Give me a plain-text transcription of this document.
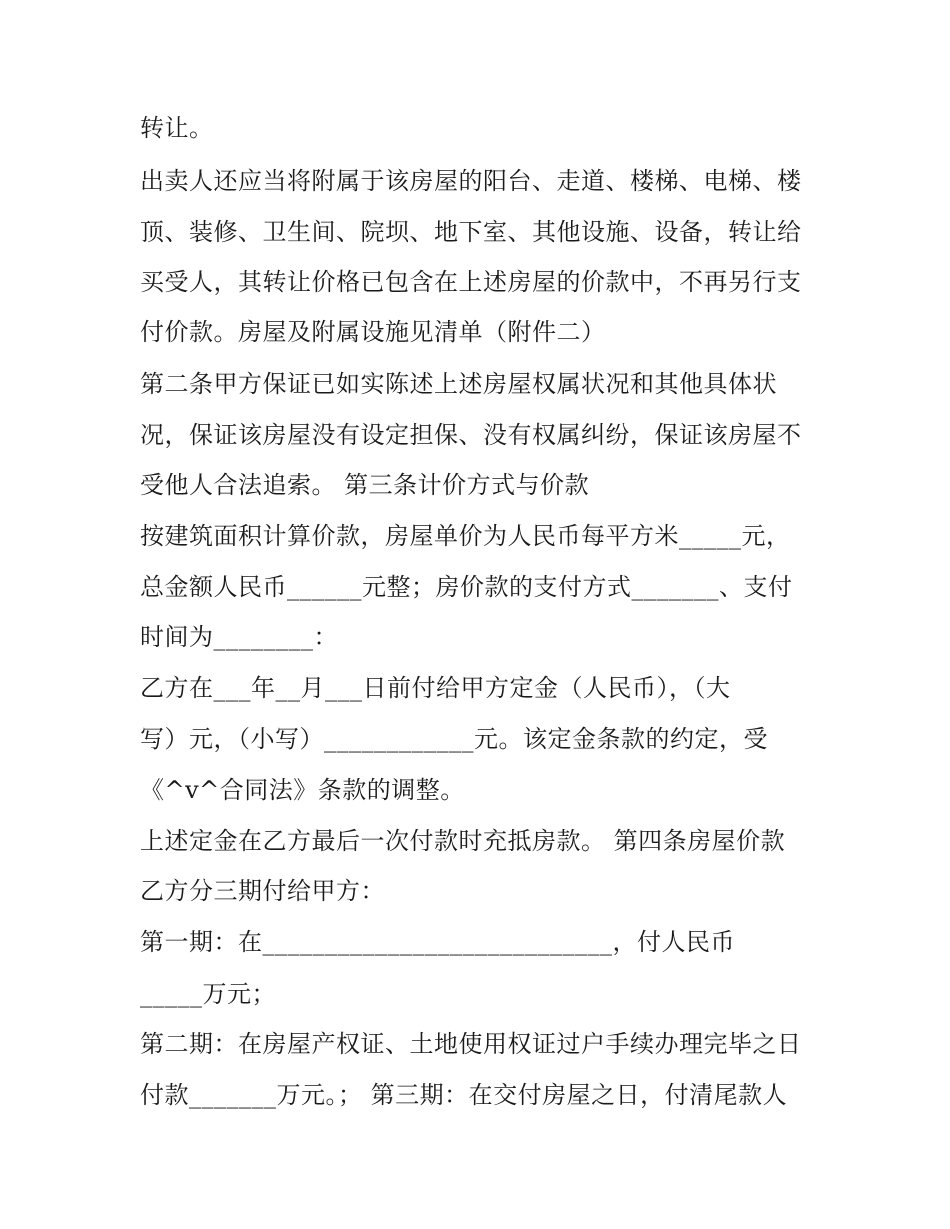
转让。
出卖人还应当将附属于该房屋的阳台、走道、楼梯、电梯、楼
顶、装修、卫生间、院坝、地下室、其他设施、设备，转让给
买受人，其转让价格已包含在上述房屋的价款中，不再另行支
付价款。房屋及附属设施见清单（附件二）
第二条甲方保证已如实陈述上述房屋权属状况和其他具体状
况，保证该房屋没有设定担保、没有权属纠纷，保证该房屋不
受他人合法追索。 第三条计价方式与价款
按建筑面积计算价款，房屋单价为人民币每平方米_____元，
总金额人民币______元整；房价款的支付方式_______、支付
时间为________：
乙方在___年__月___日前付给甲方定金（人民币），（大
写）元，（小写）____________元。该定金条款的约定，受
《^v^合同法》条款的调整。
上述定金在乙方最后一次付款时充抵房款。 第四条房屋价款
乙方分三期付给甲方：
第一期：在____________________________，付人民币
_____万元；
第二期：在房屋产权证、土地使用权证过户手续办理完毕之日
付款_______万元。； 第三期：在交付房屋之日，付清尾款人
